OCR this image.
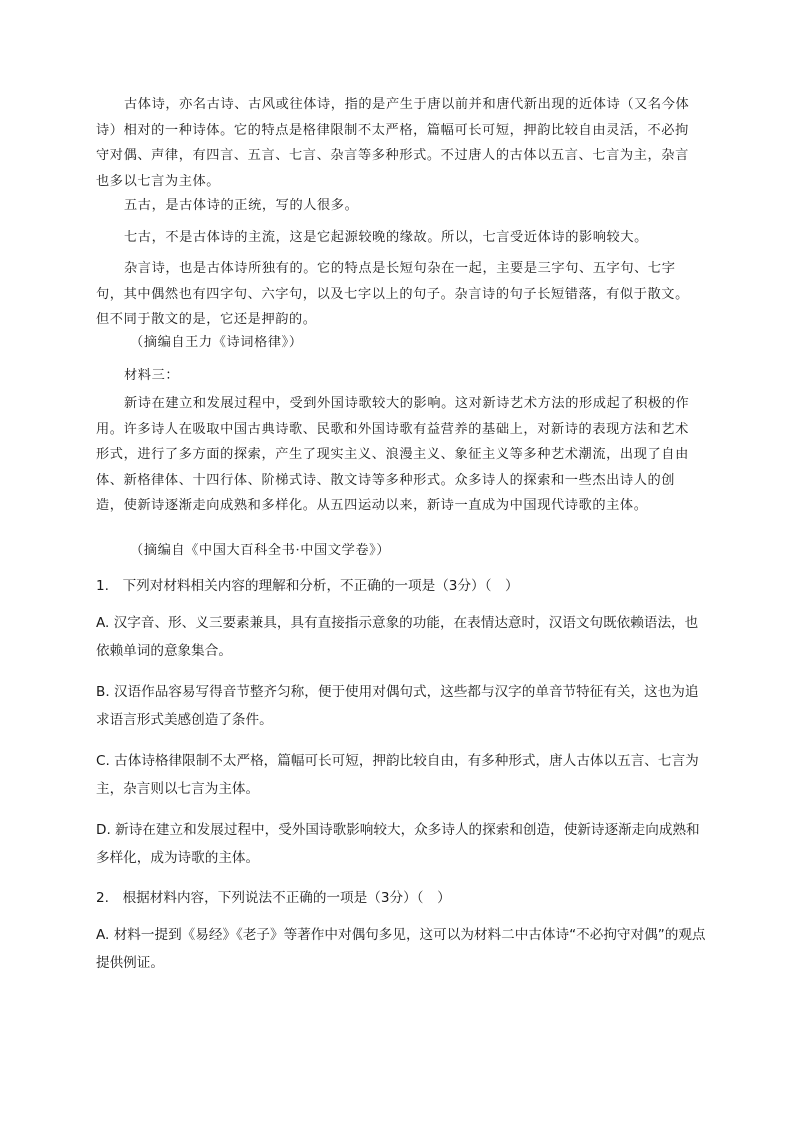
古体诗，亦名古诗、古风或往体诗，指的是产生于唐以前并和唐代新出现的近体诗（又名今体诗）相对的一种诗体。它的特点是格律限制不太严格，篇幅可长可短，押韵比较自由灵活，不必拘守对偶、声律，有四言、五言、七言、杂言等多种形式。不过唐人的古体以五言、七言为主，杂言也多以七言为主体。

五古，是古体诗的正统，写的人很多。

七古，不是古体诗的主流，这是它起源较晚的缘故。所以，七言受近体诗的影响较大。

杂言诗，也是古体诗所独有的。它的特点是长短句杂在一起，主要是三字句、五字句、七字句，其中偶然也有四字句、六字句，以及七字以上的句子。杂言诗的句子长短错落，有似于散文。但不同于散文的是，它还是押韵的。

（摘编自王力《诗词格律》）

材料三：

新诗在建立和发展过程中，受到外国诗歌较大的影响。这对新诗艺术方法的形成起了积极的作用。许多诗人在吸取中国古典诗歌、民歌和外国诗歌有益营养的基础上，对新诗的表现方法和艺术形式，进行了多方面的探索，产生了现实主义、浪漫主义、象征主义等多种艺术潮流，出现了自由体、新格律体、十四行体、阶梯式诗、散文诗等多种形式。众多诗人的探索和一些杰出诗人的创造，使新诗逐渐走向成熟和多样化。从五四运动以来，新诗一直成为中国现代诗歌的主体。

（摘编自《中国大百科全书·中国文学卷》）

1.　下列对材料相关内容的理解和分析，不正确的一项是（3分）（　）

A. 汉字音、形、义三要素兼具，具有直接指示意象的功能，在表情达意时，汉语文句既依赖语法，也依赖单词的意象集合。

B. 汉语作品容易写得音节整齐匀称，便于使用对偶句式，这些都与汉字的单音节特征有关，这也为追求语言形式美感创造了条件。

C. 古体诗格律限制不太严格，篇幅可长可短，押韵比较自由，有多种形式，唐人古体以五言、七言为主，杂言则以七言为主体。

D. 新诗在建立和发展过程中，受外国诗歌影响较大，众多诗人的探索和创造，使新诗逐渐走向成熟和多样化，成为诗歌的主体。

2.　根据材料内容，下列说法不正确的一项是（3分）（　）

A. 材料一提到《易经》《老子》等著作中对偶句多见，这可以为材料二中古体诗“不必拘守对偶”的观点提供例证。
